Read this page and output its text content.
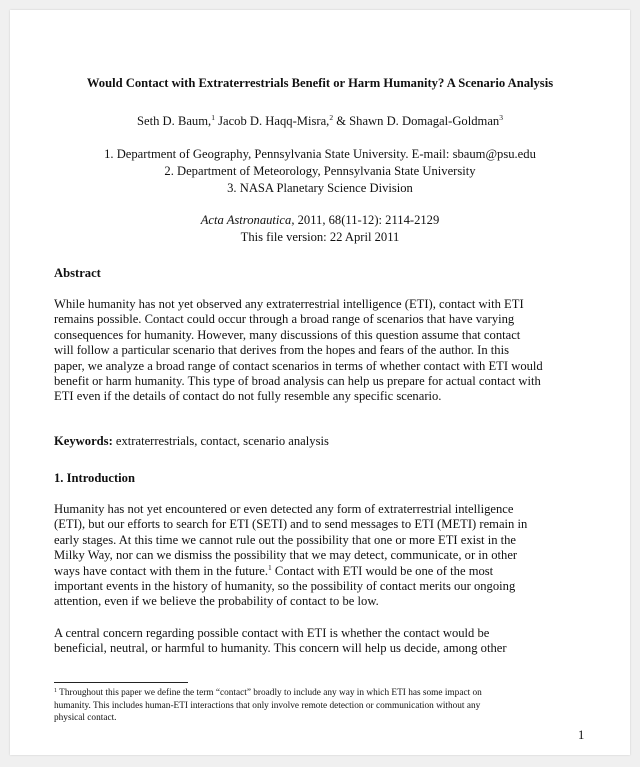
Would Contact with Extraterrestrials Benefit or Harm Humanity? A Scenario Analysis

Seth D. Baum,$^1$ Jacob D. Haqq-Misra,$^2$ & Shawn D. Domagal-Goldman$^3$

1. Department of Geography, Pennsylvania State University. E-mail: sbaum@psu.edu
2. Department of Meteorology, Pennsylvania State University
3. NASA Planetary Science Division
Acta Astronautica, 2011, 68(11-12): 2114-2129
This file version: 22 April 2011
Abstract
While humanity has not yet observed any extraterrestrial intelligence (ETI), contact with ETI
remains possible. Contact could occur through a broad range of scenarios that have varying
consequences for humanity. However, many discussions of this question assume that contact
will follow a particular scenario that derives from the hopes and fears of the author. In this
paper, we analyze a broad range of contact scenarios in terms of whether contact with ETI would
benefit or harm humanity. This type of broad analysis can help us prepare for actual contact with
ETI even if the details of contact do not fully resemble any specific scenario.

Keywords: extraterrestrials, contact, scenario analysis

1. Introduction
Humanity has not yet encountered or even detected any form of extraterrestrial intelligence
(ETI), but our efforts to search for ETI (SETI) and to send messages to ETI (METI) remain in
early stages. At this time we cannot rule out the possibility that one or more ETI exist in the
Milky Way, nor can we dismiss the possibility that we may detect, communicate, or in other
ways have contact with them in the future.$^1$ Contact with ETI would be one of the most
important events in the history of humanity, so the possibility of contact merits our ongoing
attention, even if we believe the probability of contact to be low.
A central concern regarding possible contact with ETI is whether the contact would be
beneficial, neutral, or harmful to humanity. This concern will help us decide, among other
$^1$ Throughout this paper we define the term “contact” broadly to include any way in which ETI has some impact on
humanity. This includes human-ETI interactions that only involve remote detection or communication without any
physical contact.

1
